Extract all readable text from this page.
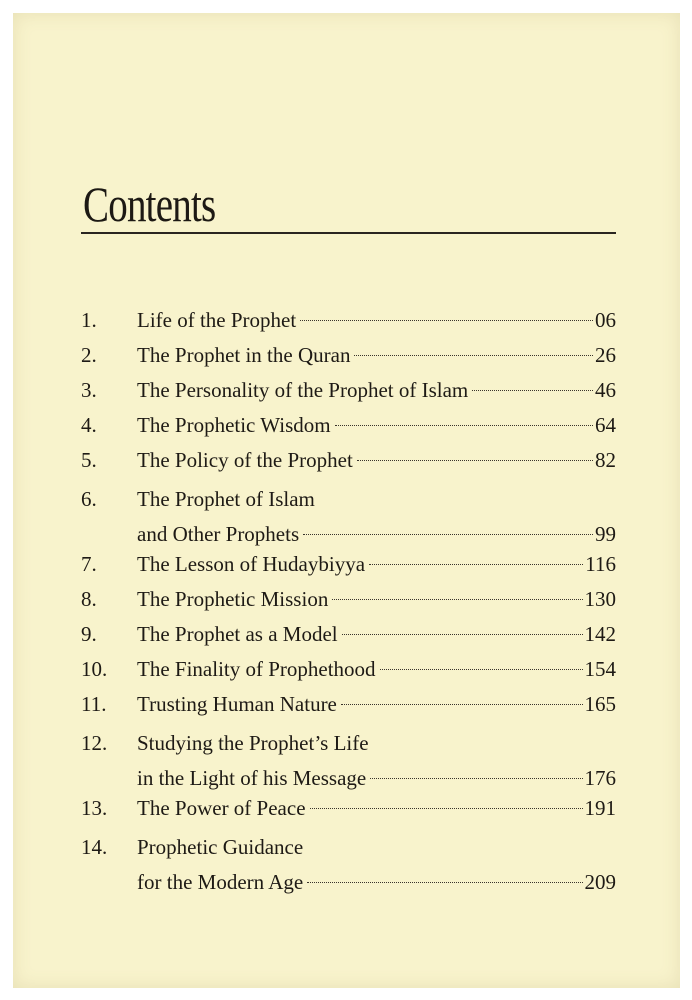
Contents
1. Life of the Prophet	06
2. The Prophet in the Quran	26
3. The Personality of the Prophet of Islam	46
4. The Prophetic Wisdom	64
5. The Policy of the Prophet	82
6. The Prophet of Islam
and Other Prophets	99
7. The Lesson of Hudaybiyya	116
8. The Prophetic Mission	130
9. The Prophet as a Model	142
10. The Finality of Prophethood	154
11. Trusting Human Nature	165
12. Studying the Prophet’s Life
in the Light of his Message	176
13. The Power of Peace	191
14. Prophetic Guidance
for the Modern Age	209
